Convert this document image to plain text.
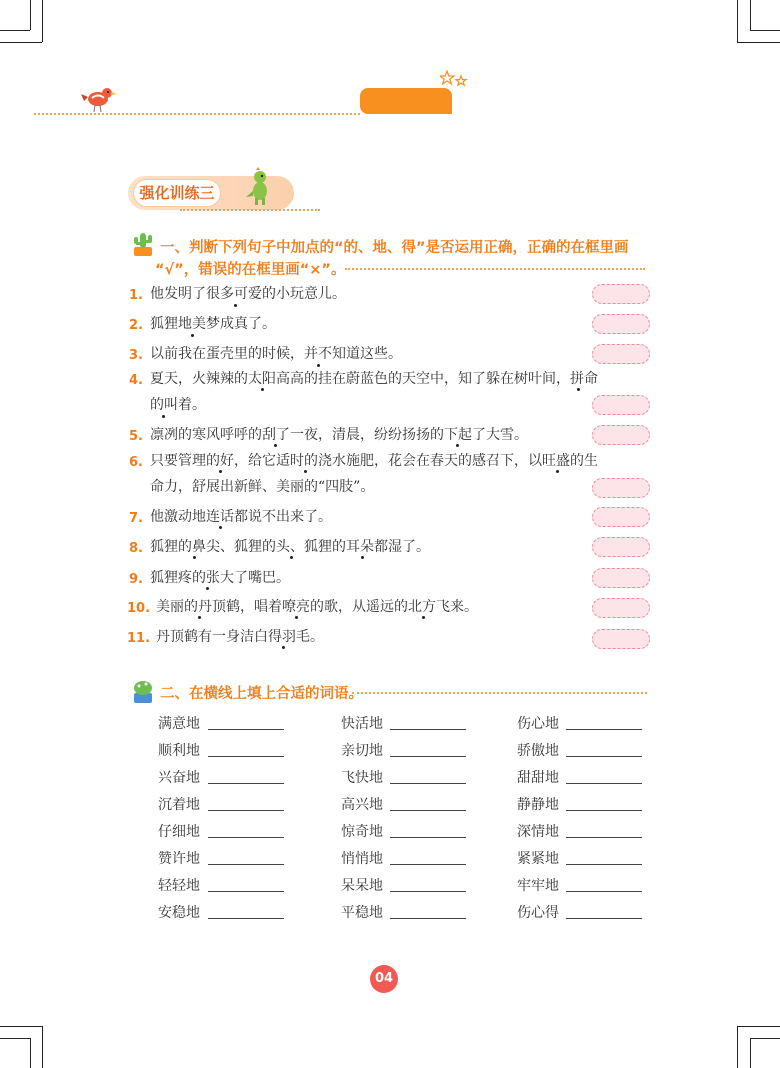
强化训练三
一、判断下列句子中加点的“的、地、得”是否运用正确，正确的在框里画
“√”，错误的在框里画“×”。
1. 他发明了很多可爱的小玩意儿。
2. 狐狸地美梦成真了。
3. 以前我在蛋壳里的时候，并不知道这些。
4. 夏天，火辣辣的太阳高高的挂在蔚蓝色的天空中，知了躲在树叶间，拼命
的叫着。
5. 凛冽的寒风呼呼的刮了一夜，清晨，纷纷扬扬的下起了大雪。
6. 只要管理的好，给它适时的浇水施肥，花会在春天的感召下，以旺盛的生
命力，舒展出新鲜、美丽的“四肢”。
7. 他激动地连话都说不出来了。
8. 狐狸的鼻尖、狐狸的头、狐狸的耳朵都湿了。
9. 狐狸疼的张大了嘴巴。
10. 美丽的丹顶鹤，唱着嘹亮的歌，从遥远的北方飞来。
11. 丹顶鹤有一身洁白得羽毛。
二、在横线上填上合适的词语。
满意地
顺利地
兴奋地
沉着地
仔细地
赞许地
轻轻地
安稳地
快活地
亲切地
飞快地
高兴地
惊奇地
悄悄地
呆呆地
平稳地
伤心地
骄傲地
甜甜地
静静地
深情地
紧紧地
牢牢地
伤心得
04
